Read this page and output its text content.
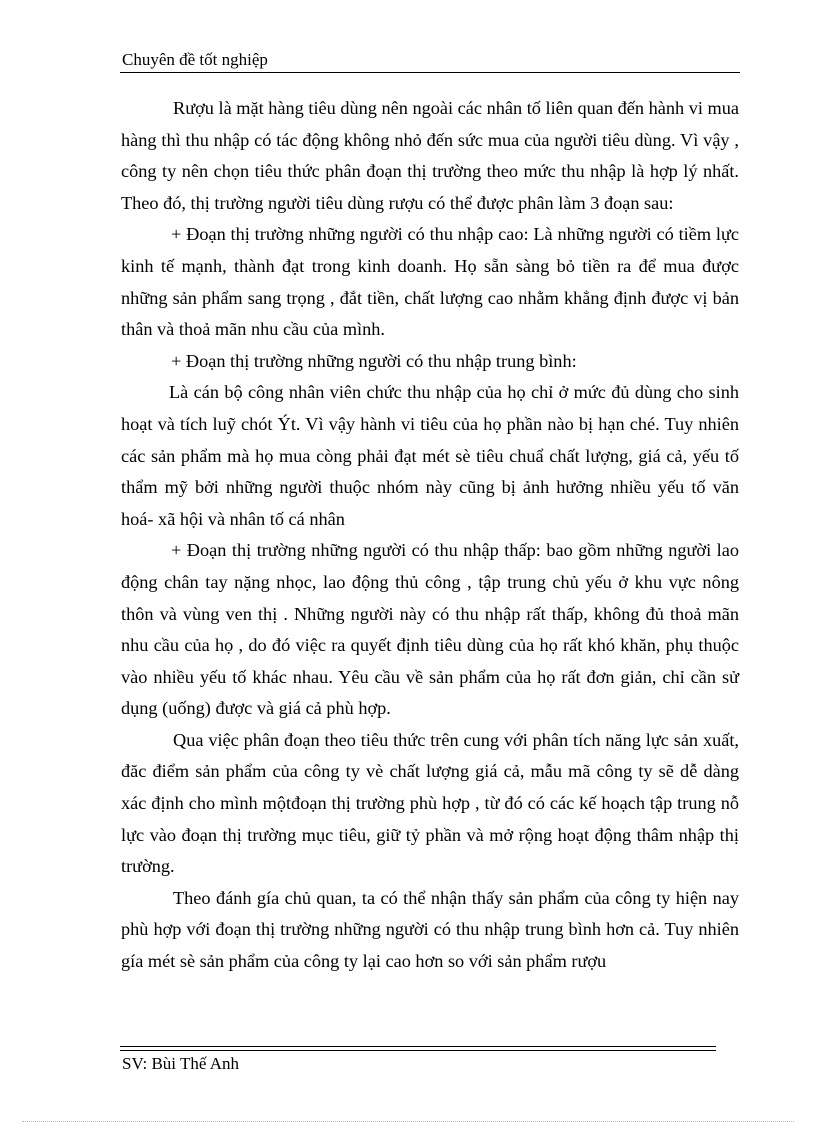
Chuyên đề tốt nghiệp

Rượu là mặt hàng tiêu dùng nên ngoài các nhân tố liên quan đến hành vi mua hàng thì thu nhập có tác động không nhỏ đến sức mua của người tiêu dùng. Vì vậy , công ty nên chọn tiêu thức phân đoạn thị trường theo mức thu nhập là hợp lý nhất. Theo đó, thị trường người tiêu dùng rượu có thể được phân làm 3 đoạn sau:

+ Đoạn thị trường những người có thu nhập cao: Là những người có tiềm lực kinh tế mạnh, thành đạt trong kinh doanh. Họ sẵn sàng bỏ tiền ra để mua được những sản phẩm sang trọng , đắt tiền, chất lượng cao nhằm khẳng định được vị bản thân và thoả mãn nhu cầu của mình.

+ Đoạn thị trường những người có thu nhập trung bình:

Là cán bộ công nhân viên chức thu nhập của họ chỉ ở mức đủ dùng cho sinh hoạt và tích luỹ chót Ýt. Vì vậy hành vi tiêu của họ phần nào bị hạn ché. Tuy nhiên các sản phẩm mà họ mua còng phải đạt mét sè tiêu chuẩ chất lượng, giá cả, yếu tố thẩm mỹ bởi những người thuộc nhóm này cũng bị ảnh hưởng nhiều yếu tố văn hoá- xã hội và nhân tố cá nhân

+ Đoạn thị trường những người có thu nhập thấp: bao gồm những người lao động chân tay nặng nhọc, lao động thủ công , tập trung chủ yếu ở khu vực nông thôn và vùng ven thị . Những người này có thu nhập rất thấp, không đủ thoả mãn nhu cầu của họ , do đó việc ra quyết định tiêu dùng của họ rất khó khăn, phụ thuộc vào nhiều yếu tố khác nhau. Yêu cầu về sản phẩm của họ rất đơn giản, chỉ cần sử dụng (uống) được và giá cả phù hợp.

Qua việc phân đoạn theo tiêu thức trên cung với phân tích năng lực sản xuất, đăc điểm sản phẩm của công ty vè chất lượng giá cả, mẫu mã công ty sẽ dễ dàng xác định cho mình mộtđoạn thị trường phù hợp , từ đó có các kế hoạch tập trung nỗ lực vào đoạn thị trường mục tiêu, giữ tỷ phần và mở rộng hoạt động thâm nhập thị trường.

Theo đánh gía chủ quan, ta có thể nhận thấy sản phẩm của công ty hiện nay phù hợp với đoạn thị trường những người có thu nhập trung bình hơn cả. Tuy nhiên gía mét sè sản phẩm của công ty lại cao hơn so với sản phẩm rượu

SV: Bùi Thế Anh
